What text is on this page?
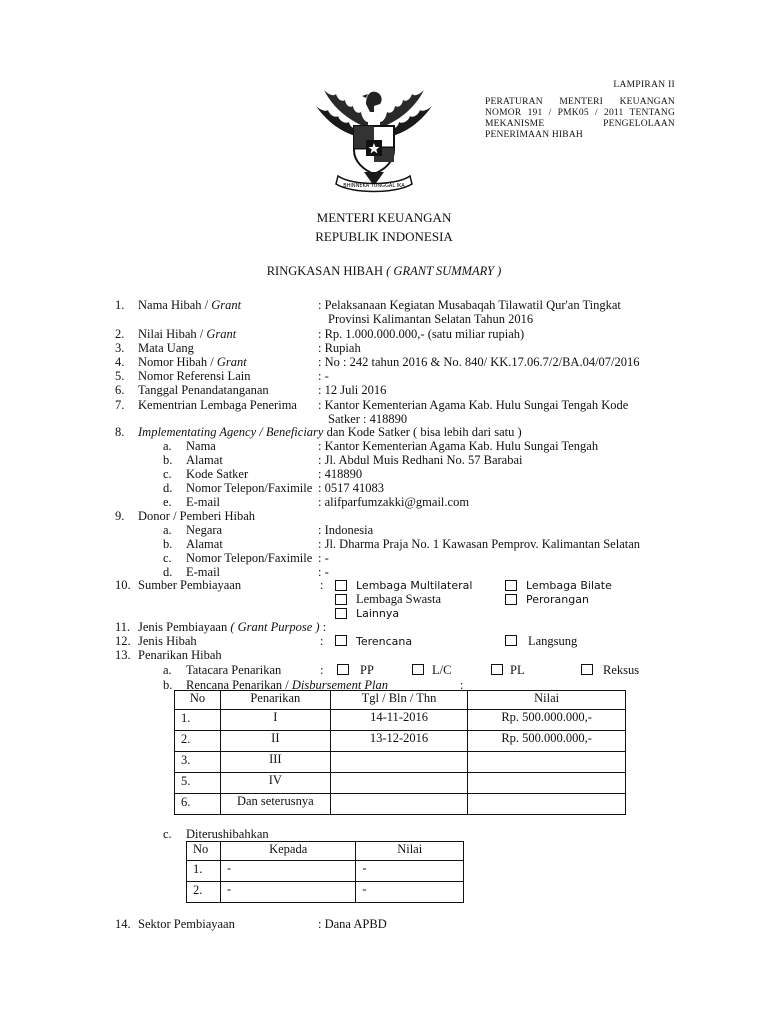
LAMPIRAN II
PERATURAN MENTERI KEUANGAN
NOMOR 191 / PMK05 / 2011 TENTANG
MEKANISME PENGELOLAAN
PENERIMAAN HIBAH
BHINNEKA TUNGGAL IKA
MENTERI KEUANGAN
REPUBLIK INDONESIA
RINGKASAN HIBAH ( GRANT SUMMARY )
1.	Nama Hibah / Grant	: Pelaksanaan Kegiatan Musabaqah Tilawatil Qur'an Tingkat
Provinsi Kalimantan Selatan Tahun 2016
2.	Nilai Hibah / Grant	: Rp. 1.000.000.000,- (satu miliar rupiah)
3.	Mata Uang	: Rupiah
4.	Nomor Hibah / Grant	: No : 242 tahun 2016 & No. 840/ KK.17.06.7/2/BA.04/07/2016
5.	Nomor Referensi Lain	: -
6.	Tanggal Penandatanganan	: 12 Juli 2016
7.	Kementrian Lembaga Penerima : Kantor Kementerian Agama Kab. Hulu Sungai Tengah Kode
Satker : 418890
8.	Implementating Agency / Beneficiary dan Kode Satker ( bisa lebih dari satu )
a.	Nama	: Kantor Kementerian Agama Kab. Hulu Sungai Tengah
b.	Alamat	: Jl. Abdul Muis Redhani No. 57 Barabai
c.	Kode Satker	: 418890
d.	Nomor Telepon/Faximile : 0517 41083
e.	E-mail	: alifparfumzakki@gmail.com
9.	Donor / Pemberi Hibah
a.	Negara	: Indonesia
b.	Alamat	: Jl. Dharma Praja No. 1 Kawasan Pemprov. Kalimantan Selatan
c.	Nomor Telepon/Faximile : -
d.	E-mail	: -
10. Sumber Pembiayaan	:	Lembaga Multilateral	Lembaga Bilate
Lembaga Swasta	Perorangan
Lainnya
11. Jenis Pembiayaan ( Grant Purpose ) :
12. Jenis Hibah	:	Terencana	Langsung
13. Penarikan Hibah
a.	Tatacara Penarikan	:	PP	L/C	PL	Reksus
b.	Rencana Penarikan / Disbursement Plan	:
No	Penarikan	Tgl / Bln / Thn	Nilai
1.	I	14-11-2016	Rp. 500.000.000,-
2.	II	13-12-2016	Rp. 500.000.000,-
3.	III		
5.	IV		
6.	Dan seterusnya		
c.	Diterushibahkan
No	Kepada	Nilai
1.	-	-
2.	-	-
14. Sektor Pembiayaan	: Dana APBD
